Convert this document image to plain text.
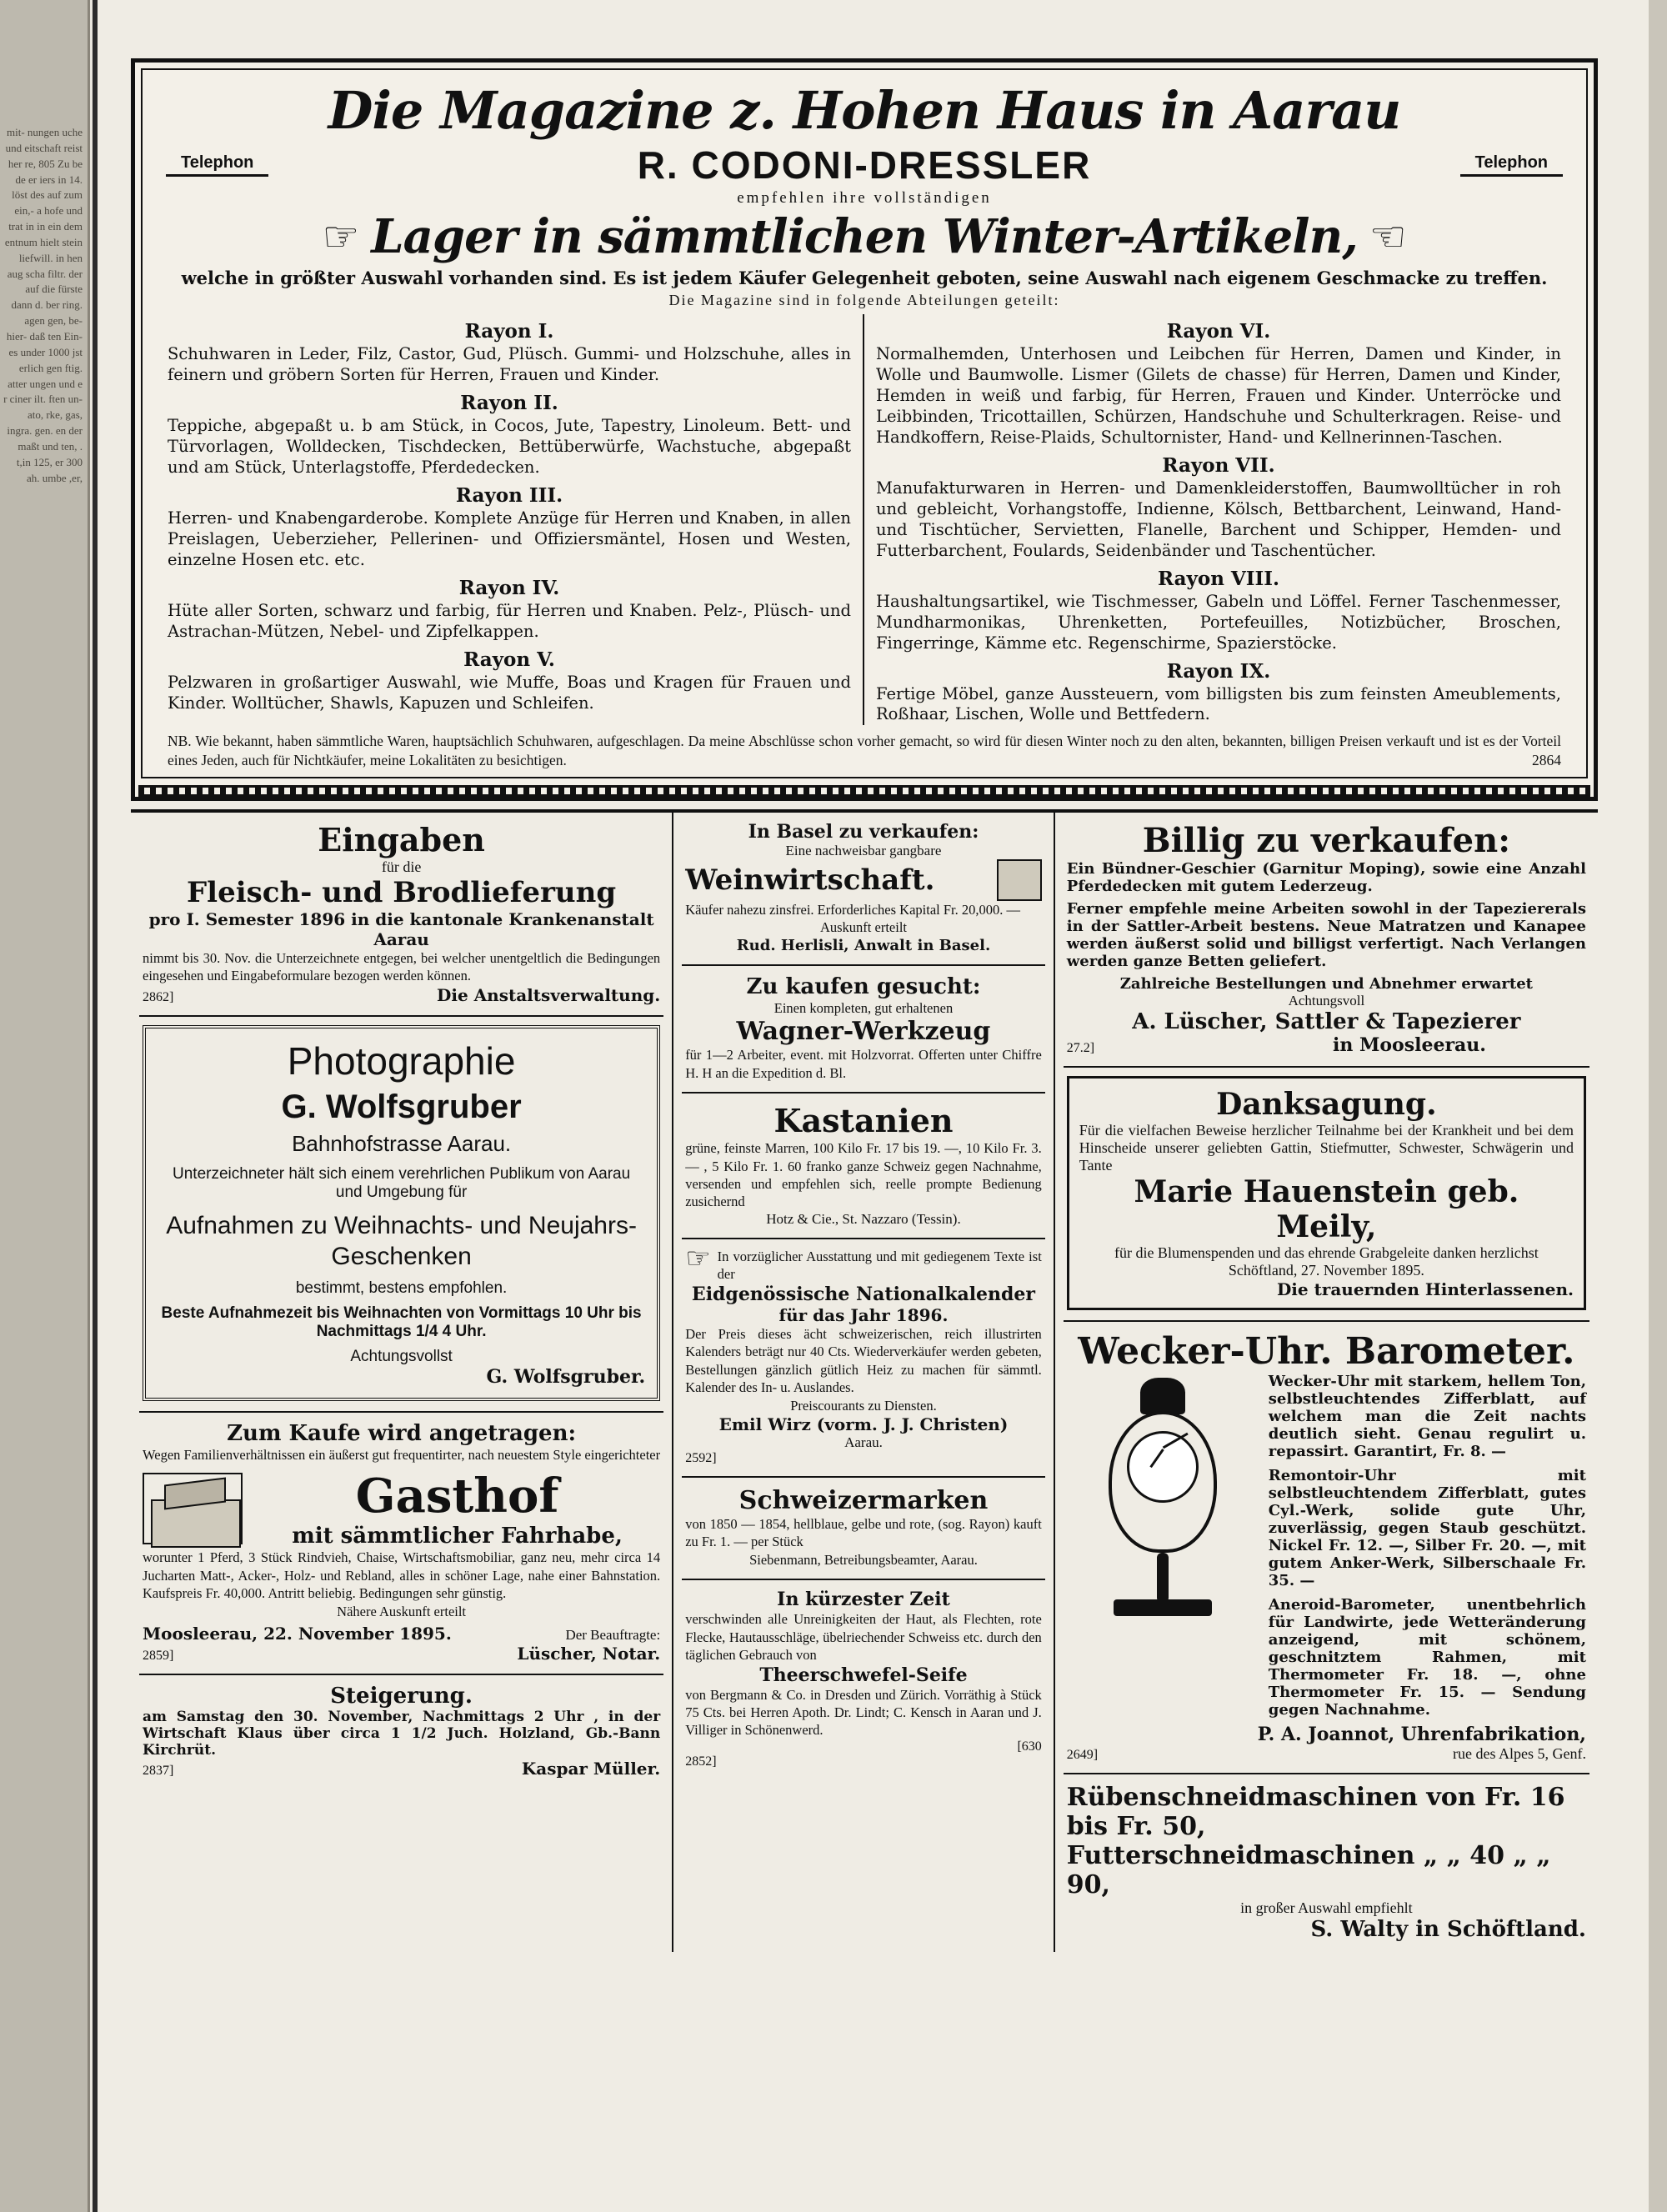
mit- nungen uche und eitschaft reist her re, 805 Zu be de er iers in 14. löst des auf zum ein,- a hofe und trat in in ein dem entnum hielt stein liefwill. in hen aug scha filtr. der auf die fürste dann d. ber ring. agen gen, be- hier- daß ten Ein- es under 1000 jst erlich gen ftig. atter ungen und e r ciner ilt. ften un- ato, rke, gas, ingra. gen. en der maßt und ten, . t,in 125, er 300 ah. umbe ,er,
Die Magazine z. Hohen Haus in Aarau
Telephon	R. CODONI-DRESSLER	Telephon
empfehlen ihre vollständigen
☞ Lager in sämmtlichen Winter-Artikeln, ☜
welche in größter Auswahl vorhanden sind. Es ist jedem Käufer Gelegenheit geboten, seine Auswahl nach eigenem Geschmacke zu treffen.
Die Magazine sind in folgende Abteilungen geteilt:
Rayon I.
Schuhwaren in Leder, Filz, Castor, Gud, Plüsch. Gummi- und Holzschuhe, alles in feinern und gröbern Sorten für Herren, Frauen und Kinder.
Rayon II.
Teppiche, abgepaßt u. b am Stück, in Cocos, Jute, Tapestry, Linoleum. Bett- und Türvorlagen, Wolldecken, Tischdecken, Bettüberwürfe, Wachstuche, abgepaßt und am Stück, Unterlagstoffe, Pferdedecken.
Rayon III.
Herren- und Knabengarderobe. Komplete Anzüge für Herren und Knaben, in allen Preislagen, Ueberzieher, Pellerinen- und Offiziersmäntel, Hosen und Westen, einzelne Hosen etc. etc.
Rayon IV.
Hüte aller Sorten, schwarz und farbig, für Herren und Knaben. Pelz-, Plüsch- und Astrachan-Mützen, Nebel- und Zipfelkappen.
Rayon V.
Pelzwaren in großartiger Auswahl, wie Muffe, Boas und Kragen für Frauen und Kinder. Wolltücher, Shawls, Kapuzen und Schleifen.
Rayon VI.
Normalhemden, Unterhosen und Leibchen für Herren, Damen und Kinder, in Wolle und Baumwolle. Lismer (Gilets de chasse) für Herren, Damen und Kinder, Hemden in weiß und farbig, für Herren, Frauen und Kinder. Unterröcke und Leibbinden, Tricottaillen, Schürzen, Handschuhe und Schulterkragen. Reise- und Handkoffern, Reise-Plaids, Schultornister, Hand- und Kellnerinnen-Taschen.
Rayon VII.
Manufakturwaren in Herren- und Damenkleiderstoffen, Baumwolltücher in roh und gebleicht, Vorhangstoffe, Indienne, Kölsch, Bettbarchent, Leinwand, Hand- und Tischtücher, Servietten, Flanelle, Barchent und Schipper, Hemden- und Futterbarchent, Foulards, Seidenbänder und Taschentücher.
Rayon VIII.
Haushaltungsartikel, wie Tischmesser, Gabeln und Löffel. Ferner Taschenmesser, Mundharmonikas, Uhrenketten, Portefeuilles, Notizbücher, Broschen, Fingerringe, Kämme etc. Regenschirme, Spazierstöcke.
Rayon IX.
Fertige Möbel, ganze Aussteuern, vom billigsten bis zum feinsten Ameublements, Roßhaar, Lischen, Wolle und Bettfedern.
NB. Wie bekannt, haben sämmtliche Waren, hauptsächlich Schuhwaren, aufgeschlagen. Da meine Abschlüsse schon vorher gemacht, so wird für diesen Winter noch zu den alten, bekannten, billigen Preisen verkauft und ist es der Vorteil eines Jeden, auch für Nichtkäufer, meine Lokalitäten zu besichtigen.	2864
Eingaben
für die
Fleisch- und Brodlieferung
pro I. Semester 1896 in die kantonale Krankenanstalt Aarau
nimmt bis 30. Nov. die Unterzeichnete entgegen, bei welcher unentgeltlich die Bedingungen eingesehen und Eingabeformulare bezogen werden können.
2862]	Die Anstaltsverwaltung.
Photographie
G. Wolfsgruber
Bahnhofstrasse Aarau.
Unterzeichneter hält sich einem verehrlichen Publikum von Aarau und Umgebung für
Aufnahmen zu Weihnachts- und Neujahrs-Geschenken
bestimmt, bestens empfohlen.
Beste Aufnahmezeit bis Weihnachten von Vormittags 10 Uhr bis Nachmittags 1/4 4 Uhr.
Achtungsvollst
G. Wolfsgruber.
Zum Kaufe wird angetragen:
Wegen Familienverhältnissen ein äußerst gut frequentirter, nach neuestem Style eingerichteter
Gasthof
mit sämmtlicher Fahrhabe,
worunter 1 Pferd, 3 Stück Rindvieh, Chaise, Wirtschaftsmobiliar, ganz neu, mehr circa 14 Jucharten Matt-, Acker-, Holz- und Rebland, alles in schöner Lage, nahe einer Bahnstation. Kaufspreis Fr. 40,000. Antritt beliebig. Bedingungen sehr günstig.
Nähere Auskunft erteilt
Moosleerau, 22. November 1895.	Der Beauftragte:
2859]	Lüscher, Notar.
Steigerung.
am Samstag den 30. November, Nachmittags 2 Uhr , in der Wirtschaft Klaus über circa 1 1/2 Juch. Holzland, Gb.-Bann Kirchrüt.
2837]	Kaspar Müller.
In Basel zu verkaufen:
Eine nachweisbar gangbare
Weinwirtschaft.
Käufer nahezu zinsfrei. Erforderliches Kapital Fr. 20,000. —
Auskunft erteilt
Rud. Herlisli, Anwalt in Basel.
Zu kaufen gesucht:
Einen kompleten, gut erhaltenen
Wagner-Werkzeug
für 1—2 Arbeiter, event. mit Holzvorrat. Offerten unter Chiffre H. H an die Expedition d. Bl.
Kastanien
grüne, feinste Marren, 100 Kilo Fr. 17 bis 19. —, 10 Kilo Fr. 3. — , 5 Kilo Fr. 1. 60 franko ganze Schweiz gegen Nachnahme, versenden und empfehlen sich, reelle prompte Bedienung zusichernd
Hotz & Cie., St. Nazzaro (Tessin).
☞ In vorzüglicher Ausstattung und mit gediegenem Texte ist der
Eidgenössische Nationalkalender
für das Jahr 1896.
Der Preis dieses ächt schweizerischen, reich illustrirten Kalenders beträgt nur 40 Cts. Wiederverkäufer werden gebeten, Bestellungen gänzlich gütlich Heiz zu machen für sämmtl. Kalender des In- u. Auslandes.
Preiscourants zu Diensten.
Emil Wirz (vorm. J. J. Christen)
Aarau.
2592]
Schweizermarken
von 1850 — 1854, hellblaue, gelbe und rote, (sog. Rayon) kauft zu Fr. 1. — per Stück
Siebenmann, Betreibungsbeamter, Aarau.
In kürzester Zeit
verschwinden alle Unreinigkeiten der Haut, als Flechten, rote Flecke, Hautausschläge, übelriechender Schweiss etc. durch den täglichen Gebrauch von
Theerschwefel-Seife
von Bergmann & Co. in Dresden und Zürich. Vorräthig à Stück 75 Cts. bei Herren Apoth. Dr. Lindt; C. Kensch in Aaran und J. Villiger in Schönenwerd.
[630
2852]
Billig zu verkaufen:
Ein Bündner-Geschier (Garnitur Moping), sowie eine Anzahl Pferdedecken mit gutem Lederzeug.
Ferner empfehle meine Arbeiten sowohl in der Tapeziererals in der Sattler-Arbeit bestens. Neue Matratzen und Kanapee werden äußerst solid und billigst verfertigt. Nach Verlangen werden ganze Betten geliefert.
Zahlreiche Bestellungen und Abnehmer erwartet
Achtungsvoll
A. Lüscher, Sattler & Tapezierer
27.2]	in Moosleerau.
Danksagung.
Für die vielfachen Beweise herzlicher Teilnahme bei der Krankheit und bei dem Hinscheide unserer geliebten Gattin, Stiefmutter, Schwester, Schwägerin und Tante
Marie Hauenstein geb. Meily,
für die Blumenspenden und das ehrende Grabgeleite danken herzlichst
Schöftland, 27. November 1895.
Die trauernden Hinterlassenen.
Wecker-Uhr. Barometer.
Wecker-Uhr mit starkem, hellem Ton, selbstleuchtendes Zifferblatt, auf welchem man die Zeit nachts deutlich sieht. Genau regulirt u. repassirt. Garantirt, Fr. 8. —
Remontoir-Uhr mit selbstleuchtendem Zifferblatt, gutes Cyl.-Werk, solide gute Uhr, zuverlässig, gegen Staub geschützt. Nickel Fr. 12. —, Silber Fr. 20. —, mit gutem Anker-Werk, Silberschaale Fr. 35. —
Aneroid-Barometer, unentbehrlich für Landwirte, jede Wetteränderung anzeigend, mit schönem, geschnitztem Rahmen, mit Thermometer Fr. 18. —, ohne Thermometer Fr. 15. — Sendung gegen Nachnahme.
2649]
P. A. Joannot, Uhrenfabrikation,
rue des Alpes 5, Genf.
Rübenschneidmaschinen von Fr. 16 bis Fr. 50,
Futterschneidmaschinen „ „ 40 „ „ 90,
in großer Auswahl empfiehlt
S. Walty in Schöftland.
